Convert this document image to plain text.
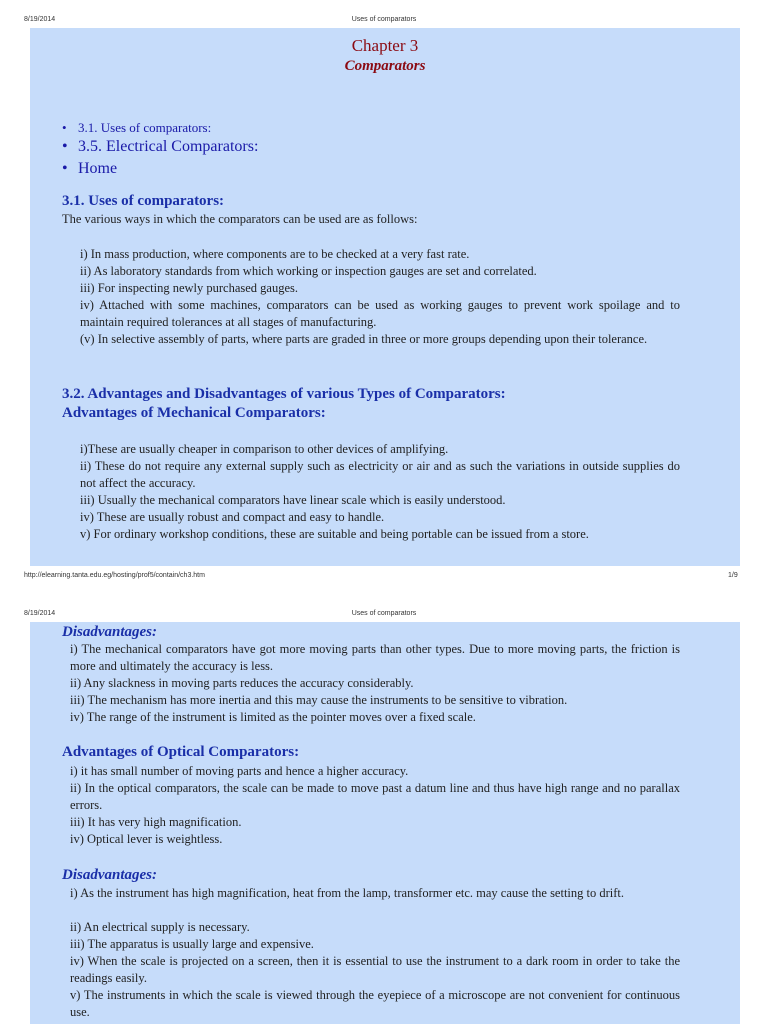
8/19/2014	Uses of comparators
Chapter 3
Comparators
• 3.1. Uses of comparators:
• 3.5. Electrical Comparators:
• Home
3.1. Uses of comparators:
The various ways in which the comparators can be used are as follows:
i) In mass production, where components are to be checked at a very fast rate.
ii) As laboratory standards from which working or inspection gauges are set and correlated.
iii) For inspecting newly purchased gauges.
iv) Attached with some machines, comparators can be used as working gauges to prevent work spoilage and to maintain required tolerances at all stages of manufacturing.
(v) In selective assembly of parts, where parts are graded in three or more groups depending upon their tolerance.
3.2. Advantages and Disadvantages of various Types of Comparators:
Advantages of Mechanical Comparators:
i)These are usually cheaper in comparison to other devices of amplifying.
ii) These do not require any external supply such as electricity or air and as such the variations in outside supplies do not affect the accuracy.
iii) Usually the mechanical comparators have linear scale which is easily understood.
iv) These are usually robust and compact and easy to handle.
v) For ordinary workshop conditions, these are suitable and being portable can be issued from a store.
http://elearning.tanta.edu.eg/hosting/prof5/contain/ch3.htm	1/9
8/19/2014	Uses of comparators
Disadvantages:
i) The mechanical comparators have got more moving parts than other types. Due to more moving parts, the friction is more and ultimately the accuracy is less.
ii) Any slackness in moving parts reduces the accuracy considerably.
iii) The mechanism has more inertia and this may cause the instruments to be sensitive to vibration.
iv) The range of the instrument is limited as the pointer moves over a fixed scale.
Advantages of Optical Comparators:
i) it has small number of moving parts and hence a higher accuracy.
ii) In the optical comparators, the scale can be made to move past a datum line and thus have high range and no parallax errors.
iii) It has very high magnification.
iv) Optical lever is weightless.
Disadvantages:
i) As the instrument has high magnification, heat from the lamp, transformer etc. may cause the setting to drift.
ii) An electrical supply is necessary.
iii) The apparatus is usually large and expensive.
iv) When the scale is projected on a screen, then it is essential to use the instrument to a dark room in order to take the readings easily.
v) The instruments in which the scale is viewed through the eyepiece of a microscope are not convenient for continuous use.
